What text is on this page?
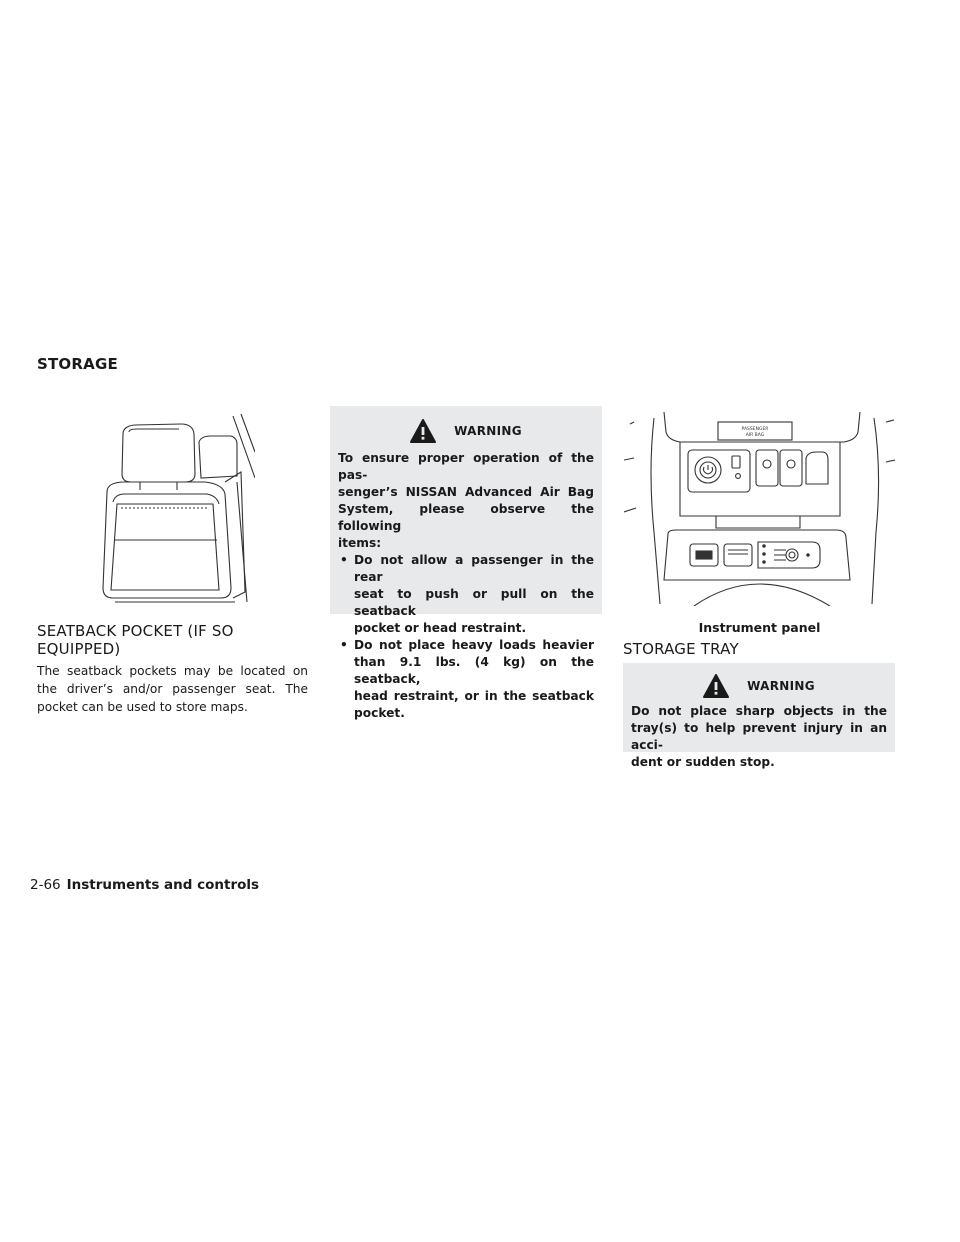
STORAGE
SEATBACK POCKET (IF SO
EQUIPPED)
The seatback pockets may be located on
the driver’s and/or passenger seat. The
pocket can be used to store maps.
WARNING
To ensure proper operation of the pas-
senger’s NISSAN Advanced Air Bag
System, please observe the following
items:
• Do not allow a passenger in the rear
seat to push or pull on the seatback
pocket or head restraint.
• Do not place heavy loads heavier
than 9.1 lbs. (4 kg) on the seatback,
head restraint, or in the seatback
pocket.
PASSENGER
AIR BAG
Instrument panel
STORAGE TRAY
WARNING
Do not place sharp objects in the
tray(s) to help prevent injury in an acci-
dent or sudden stop.
2-66 Instruments and controls
